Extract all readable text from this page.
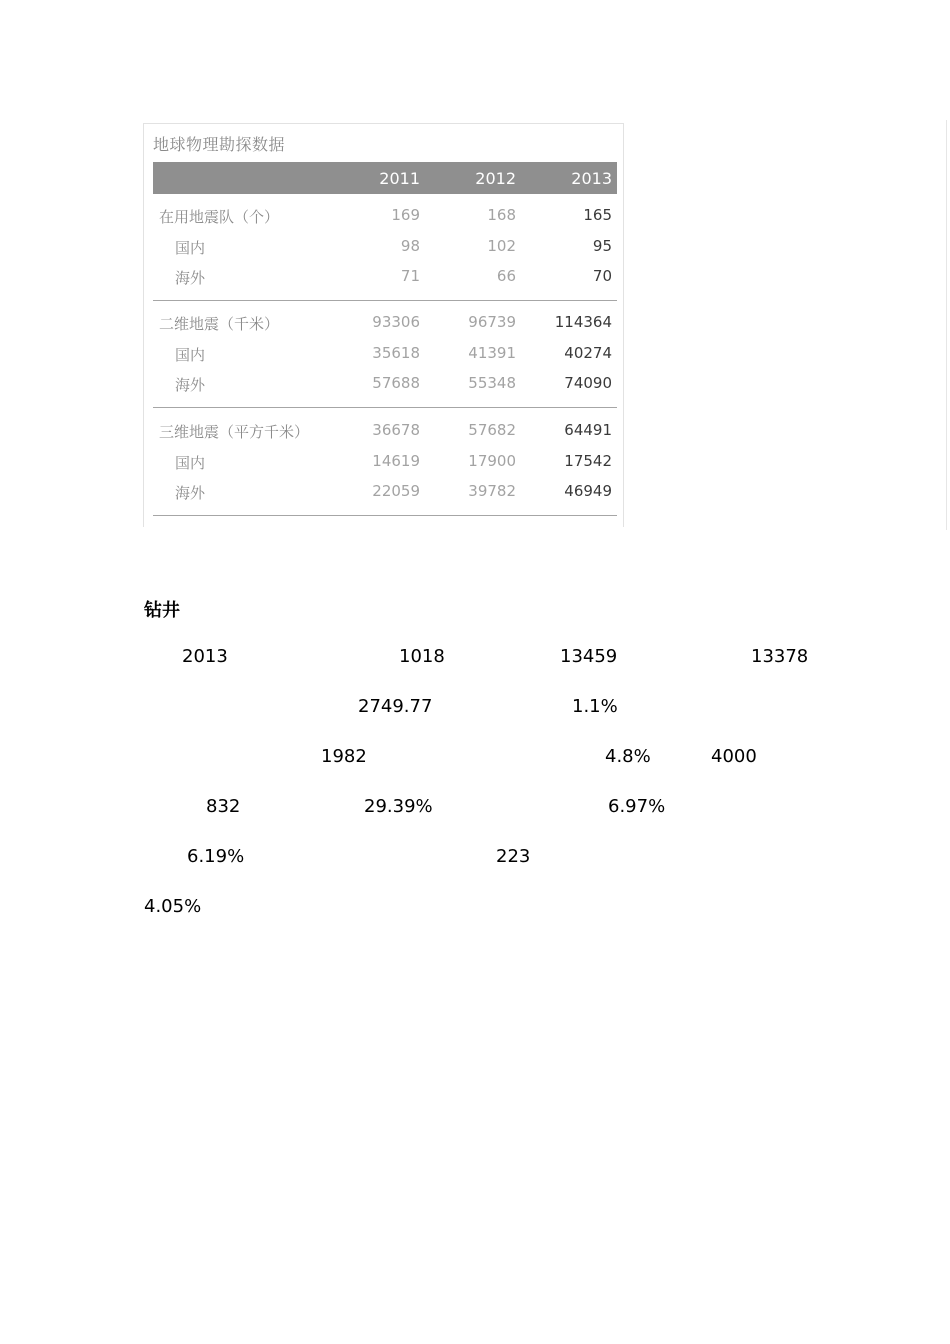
地球物理勘探数据
2011	2012	2013
在用地震队（个）	169	168	165
国内	98	102	95
海外	71	66	70
二维地震（千米）	93306	96739	114364
国内	35618	41391	40274
海外	57688	55348	74090
三维地震（平方千米）	36678	57682	64491
国内	14619	17900	17542
海外	22059	39782	46949
钻井
2013	1018	13459	13378
2749.77	1.1%
1982	4.8%	4000
832	29.39%	6.97%
6.19%	223
4.05%
